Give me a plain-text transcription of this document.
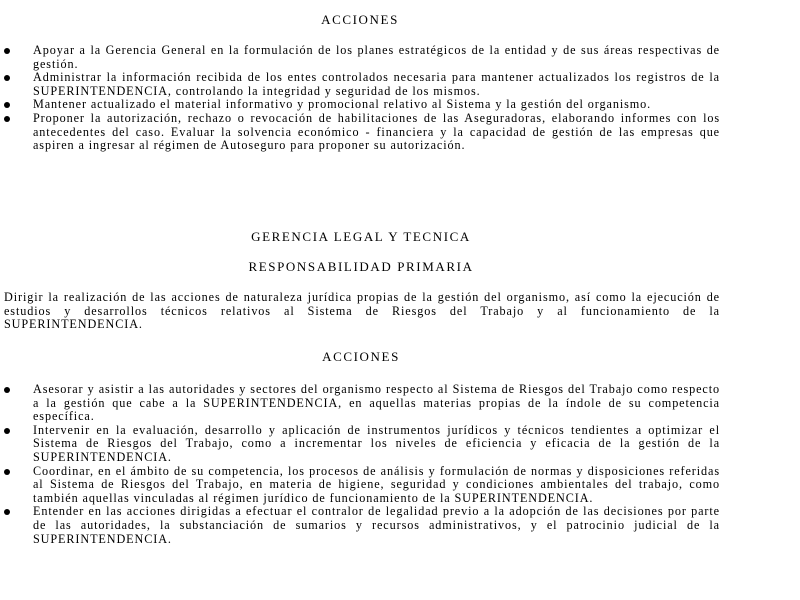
ACCIONES
Apoyar a la Gerencia General en la formulación de los planes estratégicos de la entidad y de sus áreas respectivas de gestión.
Administrar la información recibida de los entes controlados necesaria para mantener actualizados los registros de la SUPERINTENDENCIA, controlando la integridad y seguridad de los mismos.
Mantener actualizado el material informativo y promocional relativo al Sistema y la gestión del organismo.
Proponer la autorización, rechazo o revocación de habilitaciones de las Aseguradoras, elaborando informes con los antecedentes del caso. Evaluar la solvencia económico - financiera y la capacidad de gestión de las empresas que aspiren a ingresar al régimen de Autoseguro para proponer su autorización.
GERENCIA LEGAL Y TECNICA
RESPONSABILIDAD PRIMARIA
Dirigir la realización de las acciones de naturaleza jurídica propias de la gestión del organismo, así como la ejecución de estudios y desarrollos técnicos relativos al Sistema de Riesgos del Trabajo y al funcionamiento de la SUPERINTENDENCIA.
ACCIONES
Asesorar y asistir a las autoridades y sectores del organismo respecto al Sistema de Riesgos del Trabajo como respecto a la gestión que cabe a la SUPERINTENDENCIA, en aquellas materias propias de la índole de su competencia específica.
Intervenir en la evaluación, desarrollo y aplicación de instrumentos jurídicos y técnicos tendientes a optimizar el Sistema de Riesgos del Trabajo, como a incrementar los niveles de eficiencia y eficacia de la gestión de la SUPERINTENDENCIA.
Coordinar, en el ámbito de su competencia, los procesos de análisis y formulación de normas y disposiciones referidas al Sistema de Riesgos del Trabajo, en materia de higiene, seguridad y condiciones ambientales del trabajo, como también aquellas vinculadas al régimen jurídico de funcionamiento de la SUPERINTENDENCIA.
Entender en las acciones dirigidas a efectuar el contralor de legalidad previo a la adopción de las decisiones por parte de las autoridades, la substanciación de sumarios y recursos administrativos, y el patrocinio judicial de la SUPERINTENDENCIA.
